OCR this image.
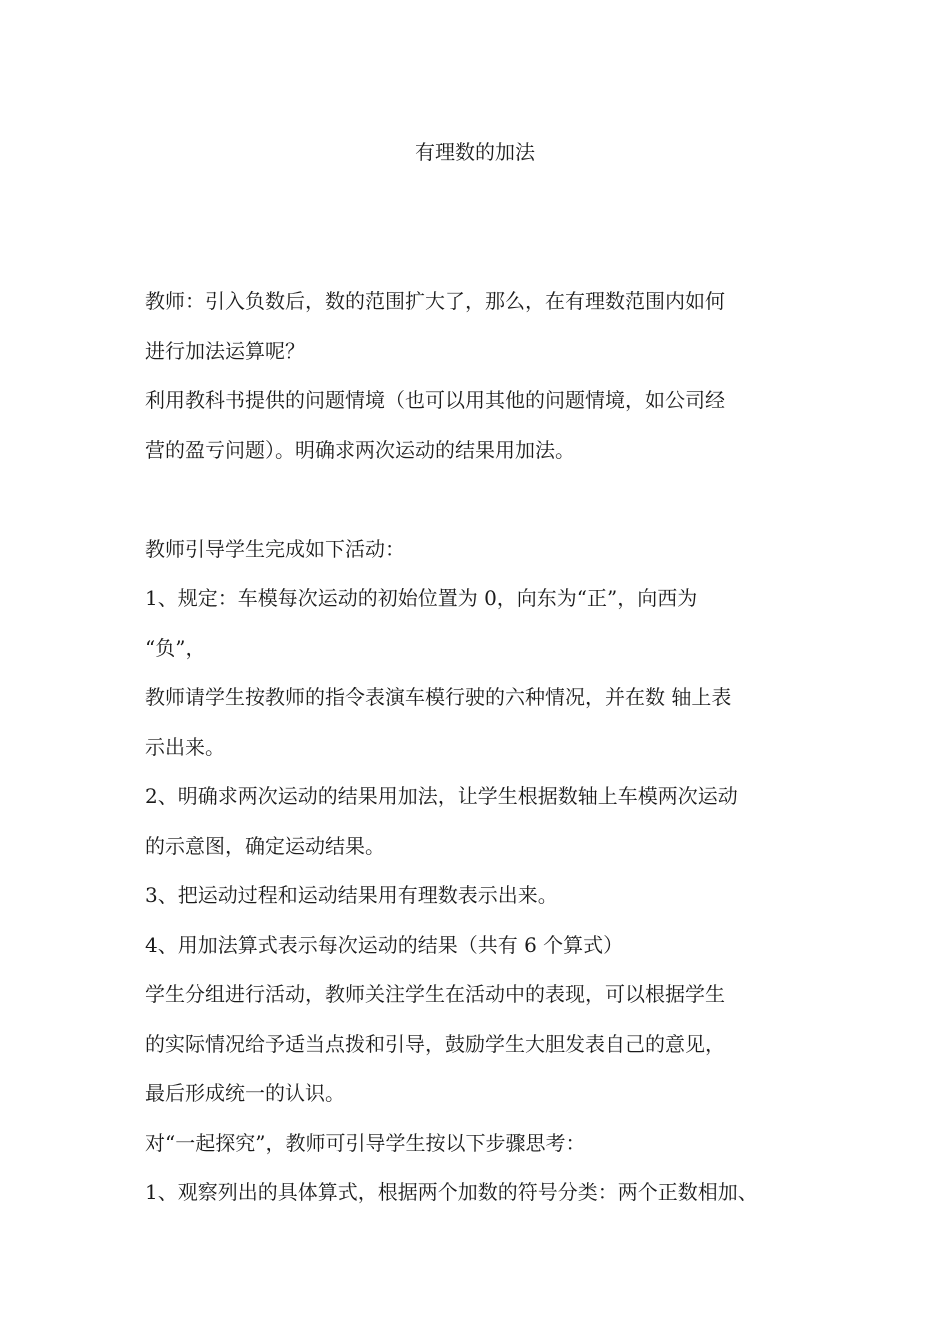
有理数的加法
教师：引入负数后，数的范围扩大了，那么，在有理数范围内如何
进行加法运算呢？
利用教科书提供的问题情境（也可以用其他的问题情境，如公司经
营的盈亏问题）。明确求两次运动的结果用加法。
教师引导学生完成如下活动：
1、规定：车模每次运动的初始位置为 0，向东为“正”，向西为
“负”，
教师请学生按教师的指令表演车模行驶的六种情况，并在数 轴上表
示出来。
2、明确求两次运动的结果用加法，让学生根据数轴上车模两次运动
的示意图，确定运动结果。
3、把运动过程和运动结果用有理数表示出来。
4、用加法算式表示每次运动的结果（共有 6 个算式）
学生分组进行活动，教师关注学生在活动中的表现，可以根据学生
的实际情况给予适当点拨和引导，鼓励学生大胆发表自己的意见，
最后形成统一的认识。
对“一起探究”，教师可引导学生按以下步骤思考：
1、观察列出的具体算式，根据两个加数的符号分类：两个正数相加、
